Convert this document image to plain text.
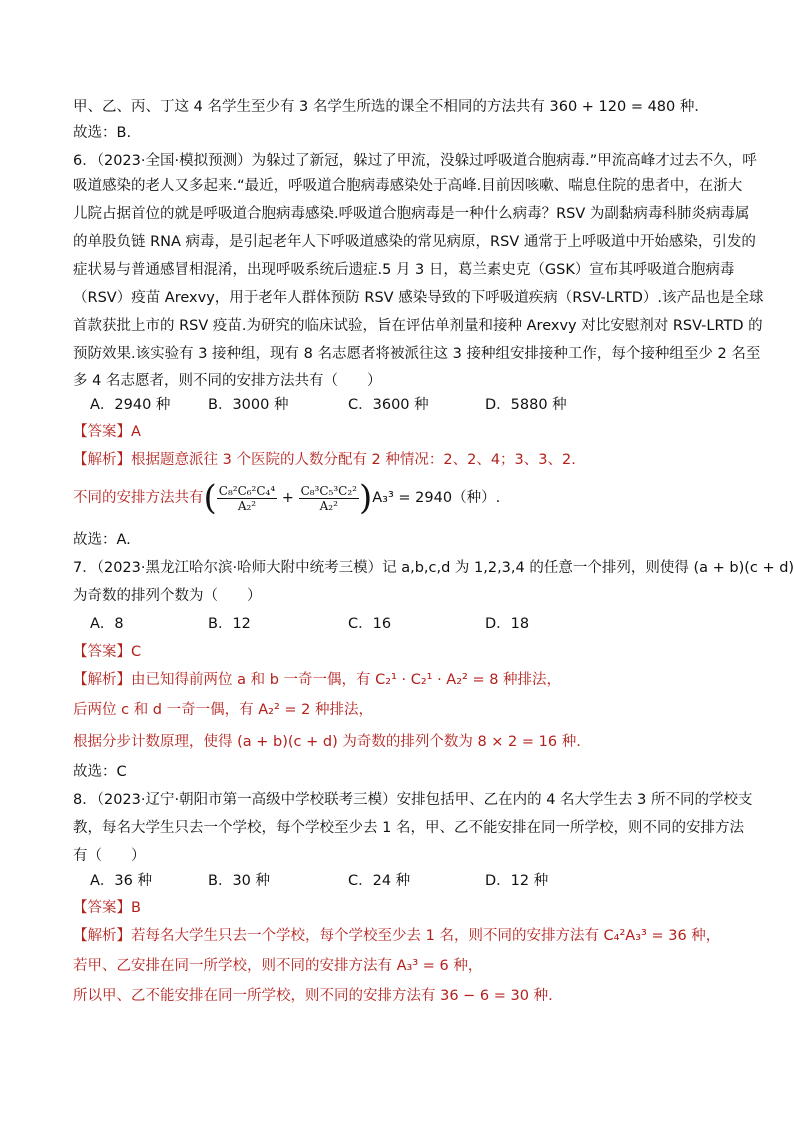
甲、乙、丙、丁这 4 名学生至少有 3 名学生所选的课全不相同的方法共有 360 + 120 = 480 种．
故选：B.
6．（2023·全国·模拟预测）为躲过了新冠，躲过了甲流，没躲过呼吸道合胞病毒.”甲流高峰才过去不久，呼
吸道感染的老人又多起来.“最近，呼吸道合胞病毒感染处于高峰.目前因咳嗽、喘息住院的患者中，在浙大
儿院占据首位的就是呼吸道合胞病毒感染.呼吸道合胞病毒是一种什么病毒？RSV 为副黏病毒科肺炎病毒属
的单股负链 RNA 病毒，是引起老年人下呼吸道感染的常见病原，RSV 通常于上呼吸道中开始感染，引发的
症状易与普通感冒相混淆，出现呼吸系统后遗症.5 月 3 日，葛兰素史克（GSK）宣布其呼吸道合胞病毒
（RSV）疫苗 Arexvy，用于老年人群体预防 RSV 感染导致的下呼吸道疾病（RSV-LRTD）.该产品也是全球
首款获批上市的 RSV 疫苗.为研究的临床试验，旨在评估单剂量和接种 Arexvy 对比安慰剂对 RSV-LRTD 的
预防效果.该实验有 3 接种组，现有 8 名志愿者将被派往这 3 接种组安排接种工作，每个接种组至少 2 名至
多 4 名志愿者，则不同的安排方法共有（　　）
A．2940 种	B．3000 种	C．3600 种	D．5880 种
【答案】A
【解析】根据题意派往 3 个医院的人数分配有 2 种情况：2、2、4；3、3、2.
不同的安排方法共有( $\frac{\text{C₈²C₆²C₄⁴}}{\text{A₂²}} + \frac{\text{C₈³C₅³C₂²}}{\text{A₂²}} )A_3^3 = 2940$（种）.
故选：A.
7．（2023·黑龙江哈尔滨·哈师大附中统考三模）记 a,b,c,d 为 1,2,3,4 的任意一个排列，则使得 (a + b)(c + d)
为奇数的排列个数为（　　）
A．8	B．12	C．16	D．18
【答案】C
【解析】由已知得前两位 a 和 b 一奇一偶，有 C₂¹ · C₂¹ · A₂² = 8 种排法，
后两位 c 和 d 一奇一偶，有 A₂² = 2 种排法，
根据分步计数原理，使得 (a + b)(c + d) 为奇数的排列个数为 8 × 2 = 16 种.
故选：C
8．（2023·辽宁·朝阳市第一高级中学校联考三模）安排包括甲、乙在内的 4 名大学生去 3 所不同的学校支
教，每名大学生只去一个学校，每个学校至少去 1 名，甲、乙不能安排在同一所学校，则不同的安排方法
有（　　）
A．36 种	B．30 种	C．24 种	D．12 种
【答案】B
【解析】若每名大学生只去一个学校，每个学校至少去 1 名，则不同的安排方法有 C₄²A₃³ = 36 种，
若甲、乙安排在同一所学校，则不同的安排方法有 A₃³ = 6 种，
所以甲、乙不能安排在同一所学校，则不同的安排方法有 36 − 6 = 30 种.
